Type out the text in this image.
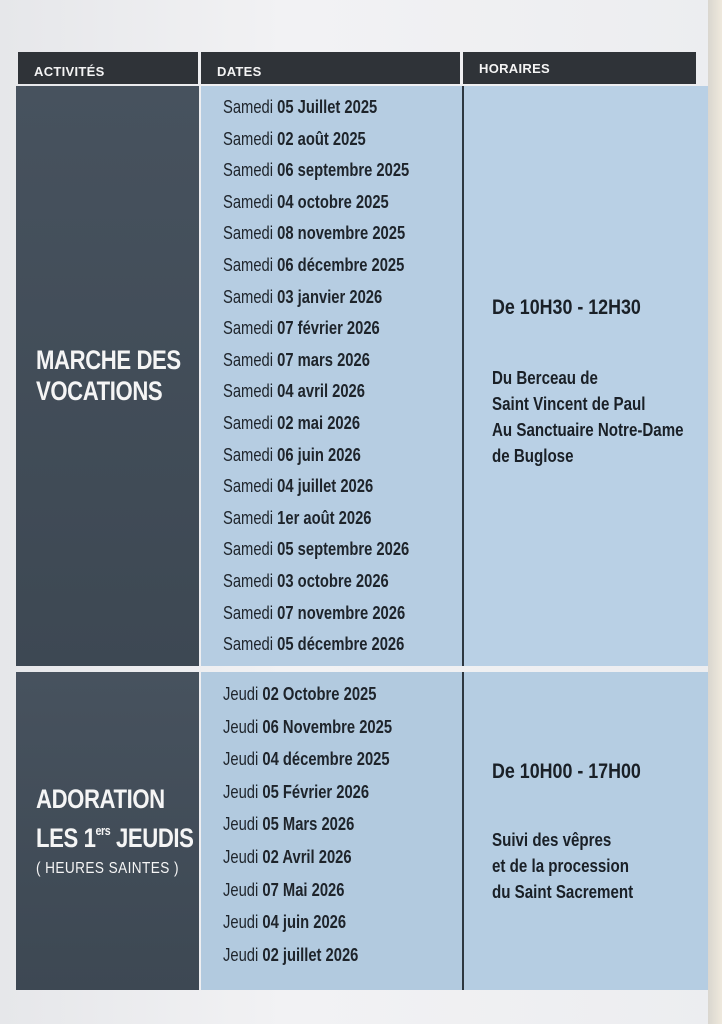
ACTIVITÉS	DATES	HORAIRES
MARCHE DES
VOCATIONS
Samedi 05 Juillet 2025
Samedi 02 août 2025
Samedi 06 septembre 2025
Samedi 04 octobre 2025
Samedi 08 novembre 2025
Samedi 06 décembre 2025
Samedi 03 janvier 2026
Samedi 07 février 2026
Samedi 07 mars 2026
Samedi 04 avril 2026
Samedi 02 mai 2026
Samedi 06 juin 2026
Samedi 04 juillet 2026
Samedi 1er août 2026
Samedi 05 septembre 2026
Samedi 03 octobre 2026
Samedi 07 novembre 2026
Samedi 05 décembre 2026
De 10H30 - 12H30
Du Berceau de
Saint Vincent de Paul
Au Sanctuaire Notre-Dame
de Buglose
ADORATION
LES 1ers JEUDIS
( HEURES SAINTES )
Jeudi 02 Octobre 2025
Jeudi 06 Novembre 2025
Jeudi 04 décembre 2025
Jeudi 05 Février 2026
Jeudi 05 Mars 2026
Jeudi 02 Avril 2026
Jeudi 07 Mai 2026
Jeudi 04 juin 2026
Jeudi 02 juillet 2026
De 10H00 - 17H00
Suivi des vêpres
et de la procession
du Saint Sacrement
